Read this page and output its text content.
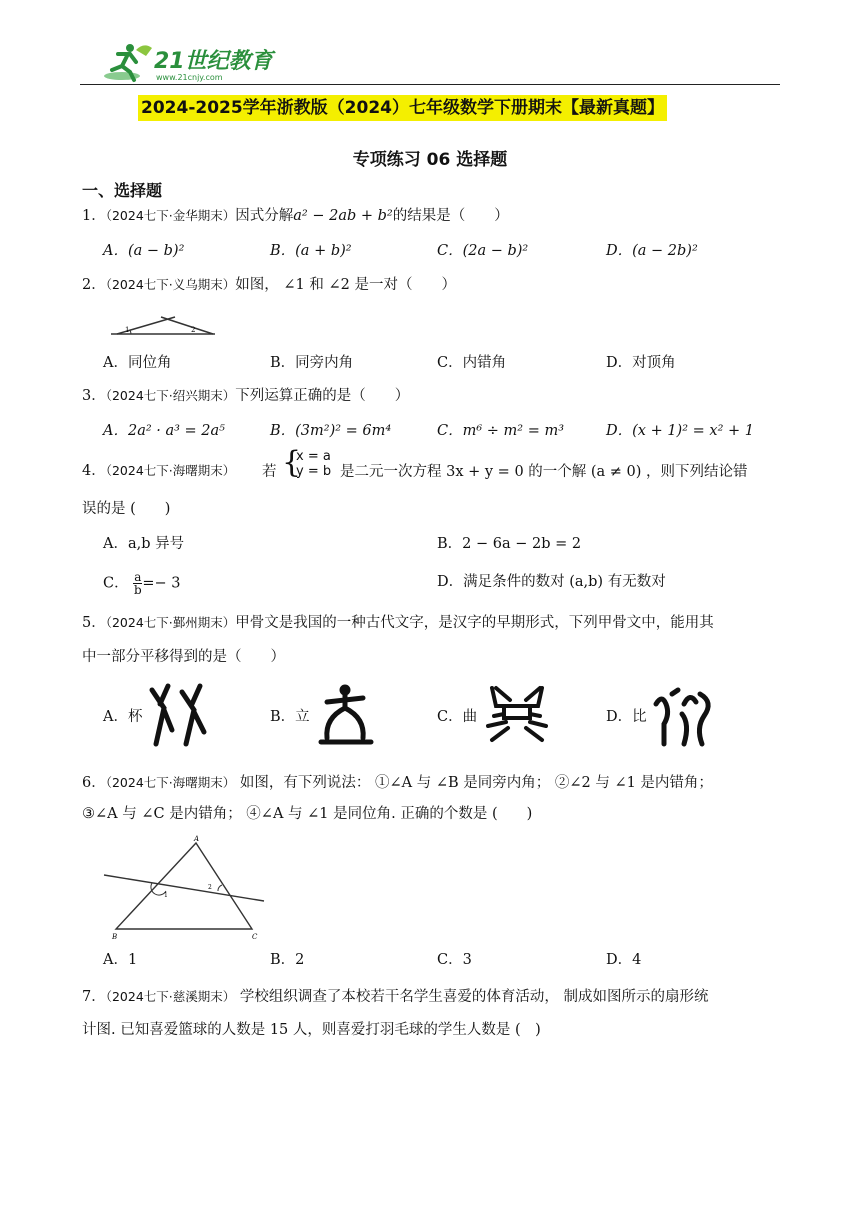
21世纪教育
www.21cnjy.com
2024-2025学年浙教版（2024）七年级数学下册期末【最新真题】
专项练习 06 选择题
一、选择题
1．（2024七下·金华期末）因式分解a² − 2ab + b²的结果是（　　）
A．(a − b)²	B．(a + b)²	C．(2a − b)²	D．(a − 2b)²
2．（2024七下·义乌期末）如图， ∠1 和 ∠2 是一对（　　）
1	2
A．同位角	B．同旁内角	C．内错角	D．对顶角
3．（2024七下·绍兴期末）下列运算正确的是（　　）
A．2a² · a³ = 2a⁵	B．(3m²)² = 6m⁴	C．m⁶ ÷ m² = m³	D．(x + 1)² = x² + 1
4．（2024七下·海曙期末） 若 {
x = a
y = b 是二元一次方程 3x + y = 0 的一个解 (a ≠ 0) ，则下列结论错
误的是 (　　)
A．a,b 异号	B．2 − 6a − 2b = 2
C． $\frac{a}{b} =- 3$	D．满足条件的数对 (a,b) 有无数对
5．（2024七下·鄞州期末）甲骨文是我国的一种古代文字，是汉字的早期形式，下列甲骨文中，能用其
中一部分平移得到的是（　　）
A．杯	B．立	C．曲	D．比
6．（2024七下·海曙期末） 如图，有下列说法： ①∠A 与 ∠B 是同旁内角； ②∠2 与 ∠1 是内错角；
③∠A 与 ∠C 是内错角； ④∠A 与 ∠1 是同位角. 正确的个数是 (　　)
A
B	C
1
2
A．1	B．2	C．3	D．4
7．（2024七下·慈溪期末） 学校组织调查了本校若干名学生喜爱的体育活动， 制成如图所示的扇形统
计图. 已知喜爱篮球的人数是 15 人，则喜爱打羽毛球的学生人数是 (　)
